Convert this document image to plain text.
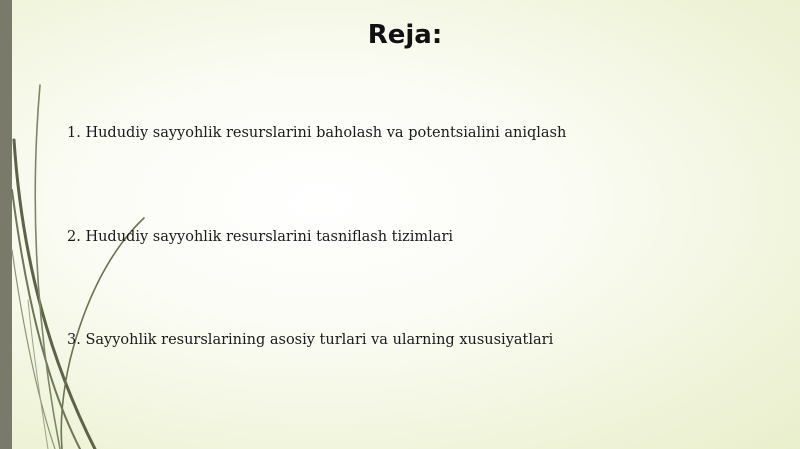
Reja:
1. Hududiy sayyohlik resurslarini baholash va potentsialini aniqlash
2. Hududiy sayyohlik resurslarini tasniflash tizimlari
3. Sayyohlik resurslarining asosiy turlari va ularning xususiyatlari
